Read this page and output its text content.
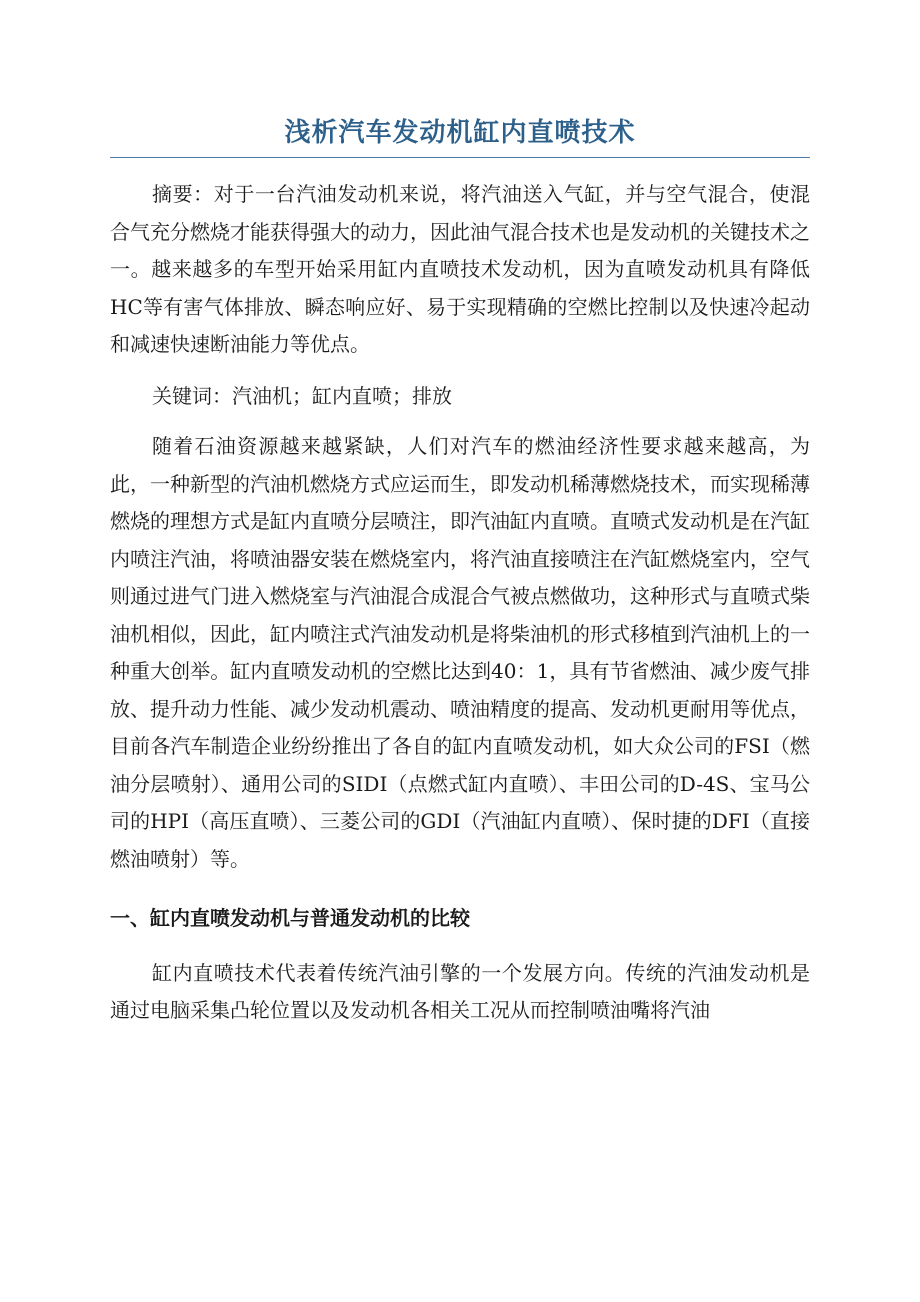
浅析汽车发动机缸内直喷技术

摘要：对于一台汽油发动机来说，将汽油送入气缸，并与空气混合，使混合气充分燃烧才能获得强大的动力，因此油气混合技术也是发动机的关键技术之一。越来越多的车型开始采用缸内直喷技术发动机，因为直喷发动机具有降低HC等有害气体排放、瞬态响应好、易于实现精确的空燃比控制以及快速冷起动和减速快速断油能力等优点。

关键词：汽油机；缸内直喷；排放

随着石油资源越来越紧缺，人们对汽车的燃油经济性要求越来越高，为此，一种新型的汽油机燃烧方式应运而生，即发动机稀薄燃烧技术，而实现稀薄燃烧的理想方式是缸内直喷分层喷注，即汽油缸内直喷。直喷式发动机是在汽缸内喷注汽油，将喷油器安装在燃烧室内，将汽油直接喷注在汽缸燃烧室内，空气则通过进气门进入燃烧室与汽油混合成混合气被点燃做功，这种形式与直喷式柴油机相似，因此，缸内喷注式汽油发动机是将柴油机的形式移植到汽油机上的一种重大创举。缸内直喷发动机的空燃比达到40：1，具有节省燃油、减少废气排放、提升动力性能、减少发动机震动、喷油精度的提高、发动机更耐用等优点，目前各汽车制造企业纷纷推出了各自的缸内直喷发动机，如大众公司的FSI（燃油分层喷射）、通用公司的SIDI（点燃式缸内直喷）、丰田公司的D-4S、宝马公司的HPI（高压直喷）、三菱公司的GDI（汽油缸内直喷）、保时捷的DFI（直接燃油喷射）等。

一、缸内直喷发动机与普通发动机的比较

缸内直喷技术代表着传统汽油引擎的一个发展方向。传统的汽油发动机是通过电脑采集凸轮位置以及发动机各相关工况从而控制喷油嘴将汽油
